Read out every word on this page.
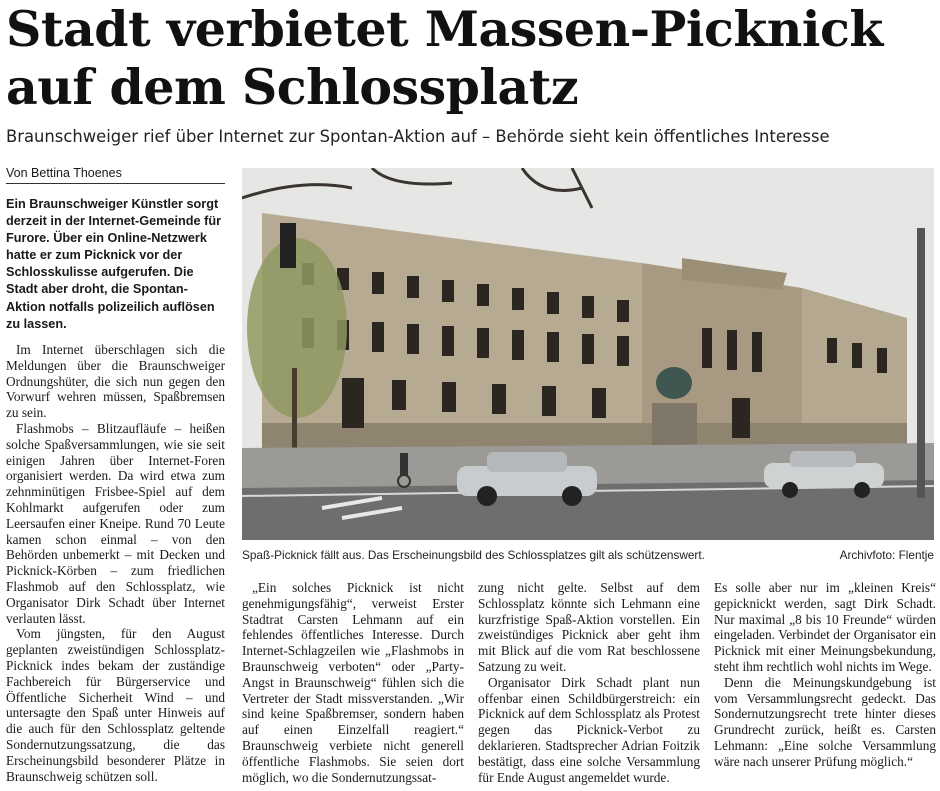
Stadt verbietet Massen-Picknick auf dem Schlossplatz
Braunschweiger rief über Internet zur Spontan-Aktion auf – Behörde sieht kein öffentliches Interesse
Von Bettina Thoenes

Ein Braunschweiger Künstler sorgt derzeit in der Internet-Gemeinde für Furore. Über ein Online-Netzwerk hatte er zum Picknick vor der Schlosskulisse aufgerufen. Die Stadt aber droht, die Spontan-Aktion notfalls polizeilich auflösen zu lassen.

Im Internet überschlagen sich die Meldungen über die Braunschweiger Ordnungshüter, die sich nun gegen den Vorwurf wehren müssen, Spaßbremsen zu sein.

Flashmobs – Blitzaufläufe – heißen solche Spaßversammlungen, wie sie seit einigen Jahren über Internet-Foren organisiert werden. Da wird etwa zum zehnminütigen Frisbee-Spiel auf dem Kohlmarkt aufgerufen oder zum Leersaufen einer Kneipe. Rund 70 Leute kamen schon einmal – von den Behörden unbemerkt – mit Decken und Picknick-Körben – zum friedlichen Flashmob auf den Schlossplatz, wie Organisator Dirk Schadt über Internet verlauten lässt.

Vom jüngsten, für den August geplanten zweistündigen Schlossplatz-Picknick indes bekam der zuständige Fachbereich für Bürgerservice und Öffentliche Sicherheit Wind – und untersagte den Spaß unter Hinweis auf die auch für den Schlossplatz geltende Sondernutzungssatzung, die das Erscheinungsbild besonderer Plätze in Braunschweig schützen soll.

Spaß-Picknick fällt aus. Das Erscheinungsbild des Schlossplatzes gilt als schützenswert.	Archivfoto: Flentje

„Ein solches Picknick ist nicht genehmigungsfähig“, verweist Erster Stadtrat Carsten Lehmann auf ein fehlendes öffentliches Interesse. Durch Internet-Schlagzeilen wie „Flashmobs in Braunschweig verboten“ oder „Party-Angst in Braunschweig“ fühlen sich die Vertreter der Stadt missverstanden. „Wir sind keine Spaßbremser, sondern haben auf einen Einzelfall reagiert.“ Braunschweig verbiete nicht generell öffentliche Flashmobs. Sie seien dort möglich, wo die Sondernutzungssat-

zung nicht gelte. Selbst auf dem Schlossplatz könnte sich Lehmann eine kurzfristige Spaß-Aktion vorstellen. Ein zweistündiges Picknick aber geht ihm mit Blick auf die vom Rat beschlossene Satzung zu weit.

Organisator Dirk Schadt plant nun offenbar einen Schildbürgerstreich: ein Picknick auf dem Schlossplatz als Protest gegen das Picknick-Verbot zu deklarieren. Stadtsprecher Adrian Foitzik bestätigt, dass eine solche Versammlung für Ende August angemeldet wurde.

Es solle aber nur im „kleinen Kreis“ gepicknickt werden, sagt Dirk Schadt. Nur maximal „8 bis 10 Freunde“ würden eingeladen. Verbindet der Organisator ein Picknick mit einer Meinungsbekundung, steht ihm rechtlich wohl nichts im Wege.

Denn die Meinungskundgebung ist vom Versammlungsrecht gedeckt. Das Sondernutzungsrecht trete hinter dieses Grundrecht zurück, heißt es. Carsten Lehmann: „Eine solche Versammlung wäre nach unserer Prüfung möglich.“
